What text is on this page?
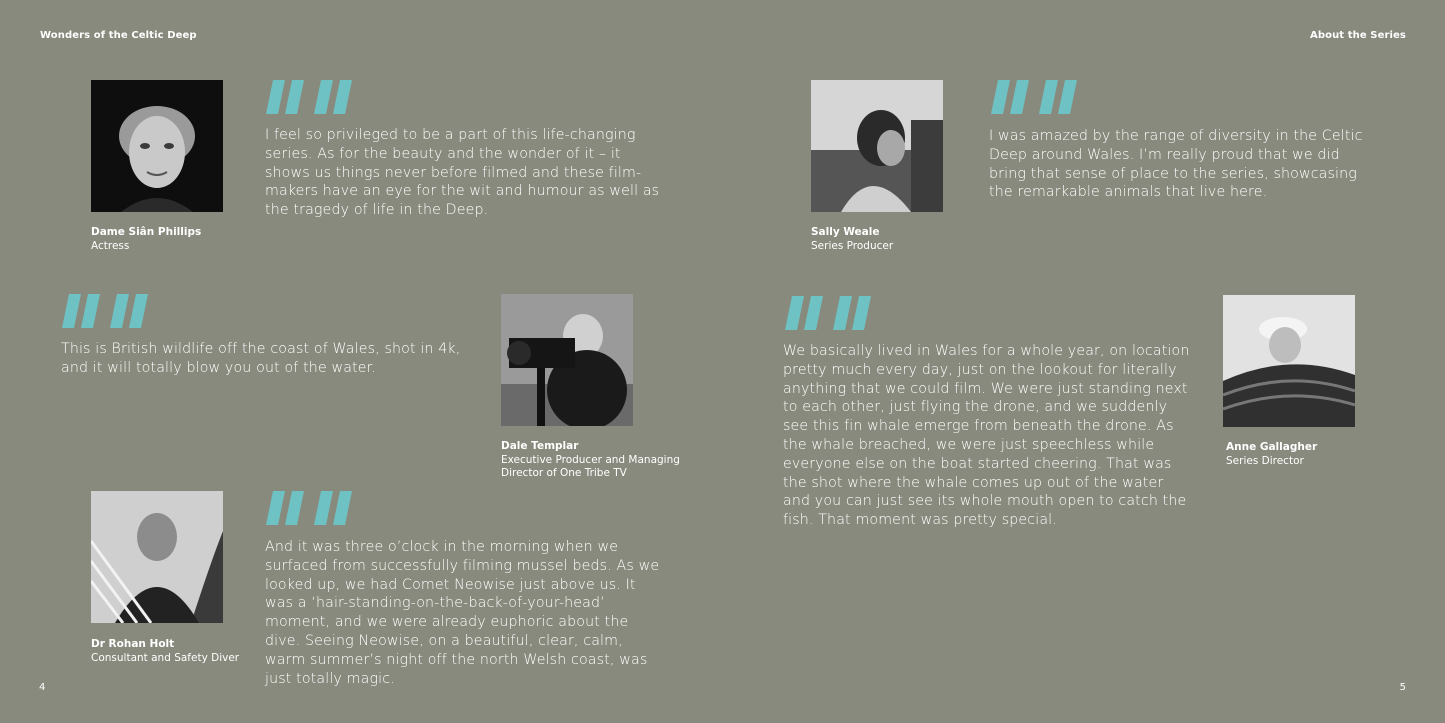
Wonders of the Celtic Deep	About the Series
Dame Siân Phillips
Actress
I feel so privileged to be a part of this life-changing series. As for the beauty and the wonder of it – it shows us things never before filmed and these film-makers have an eye for the wit and humour as well as the tragedy of life in the Deep.
Sally Weale
Series Producer
I was amazed by the range of diversity in the Celtic Deep around Wales. I’m really proud that we did bring that sense of place to the series, showcasing the remarkable animals that live here.
This is British wildlife off the coast of Wales, shot in 4k, and it will totally blow you out of the water.
Dale Templar
Executive Producer and Managing Director of One Tribe TV
We basically lived in Wales for a whole year, on location pretty much every day, just on the lookout for literally anything that we could film. We were just standing next to each other, just flying the drone, and we suddenly see this fin whale emerge from beneath the drone. As the whale breached, we were just speechless while everyone else on the boat started cheering. That was the shot where the whale comes up out of the water and you can just see its whole mouth open to catch the fish. That moment was pretty special.
Anne Gallagher
Series Director
Dr Rohan Holt
Consultant and Safety Diver
And it was three o’clock in the morning when we surfaced from successfully filming mussel beds. As we looked up, we had Comet Neowise just above us. It was a ‘hair-standing-on-the-back-of-your-head’ moment, and we were already euphoric about the dive. Seeing Neowise, on a beautiful, clear, calm, warm summer’s night off the north Welsh coast, was just totally magic.
4	5
